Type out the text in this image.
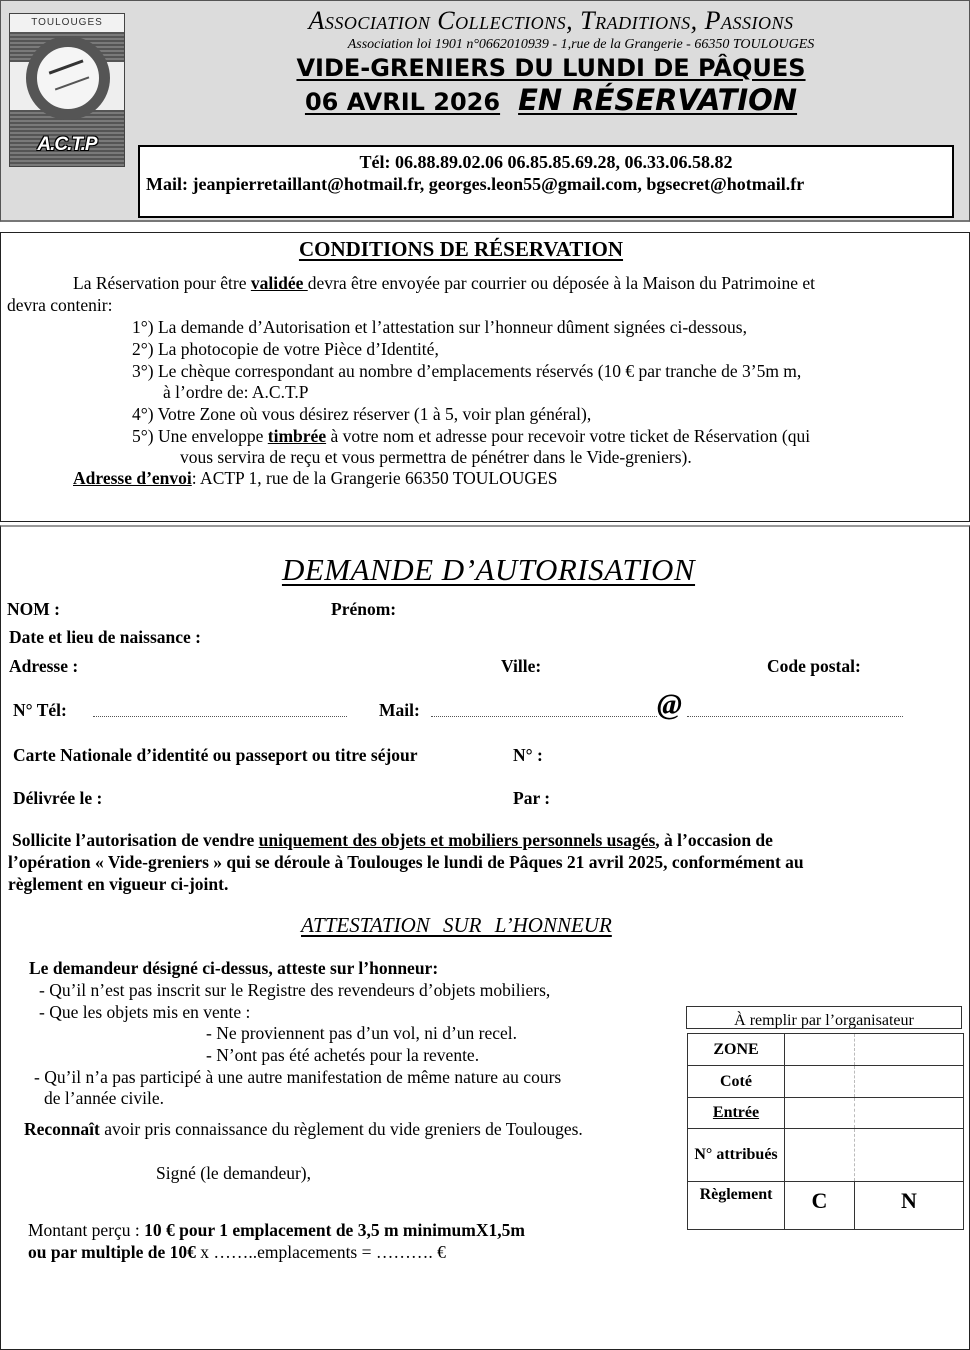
TOULOUGES
A.C.T.P
Association Collections, Traditions, Passions
Association loi 1901 n°0662010939 - 1,rue de la Grangerie - 66350 TOULOUGES
VIDE-GRENIERS DU LUNDI DE PÂQUES
06 AVRIL 2026 EN RÉSERVATION
Tél: 06.88.89.02.06 06.85.85.69.28, 06.33.06.58.82
Mail: jeanpierretaillant@hotmail.fr, georges.leon55@gmail.com, bgsecret@hotmail.fr
CONDITIONS DE RÉSERVATION
La Réservation pour être validée devra être envoyée par courrier ou déposée à la Maison du Patrimoine et
devra contenir:
1°) La demande d’Autorisation et l’attestation sur l’honneur dûment signées ci-dessous,
2°) La photocopie de votre Pièce d’Identité,
3°) Le chèque correspondant au nombre d’emplacements réservés (10 € par tranche de 3’5m m,
à l’ordre de: A.C.T.P
4°) Votre Zone où vous désirez réserver (1 à 5, voir plan général),
5°) Une enveloppe timbrée à votre nom et adresse pour recevoir votre ticket de Réservation (qui
vous servira de reçu et vous permettra de pénétrer dans le Vide-greniers).
Adresse d’envoi: ACTP 1, rue de la Grangerie 66350 TOULOUGES
DEMANDE D’AUTORISATION
NOM :	Prénom:
Date et lieu de naissance :
Adresse :	Ville:	Code postal:
N° Tél:	Mail:	@
Carte Nationale d’identité ou passeport ou titre séjour	N° :
Délivrée le :	Par :
Sollicite l’autorisation de vendre uniquement des objets et mobiliers personnels usagés, à l’occasion de
l’opération « Vide-greniers » qui se déroule à Toulouges le lundi de Pâques 21 avril 2025, conformément au
règlement en vigueur ci-joint.
ATTESTATION SUR L’HONNEUR
Le demandeur désigné ci-dessus, atteste sur l’honneur:
- Qu’il n’est pas inscrit sur le Registre des revendeurs d’objets mobiliers,
- Que les objets mis en vente :
- Ne proviennent pas d’un vol, ni d’un recel.
- N’ont pas été achetés pour la revente.
- Qu’il n’a pas participé à une autre manifestation de même nature au cours
de l’année civile.
Reconnaît avoir pris connaissance du règlement du vide greniers de Toulouges.
Signé (le demandeur),
Montant perçu : 10 € pour 1 emplacement de 3,5 m minimumX1,5m
ou par multiple de 10€ x ……..emplacements = ………. €
À remplir par l’organisateur
ZONE		
Coté		
Entrée		
N° attribués		
Règlement	C	N
